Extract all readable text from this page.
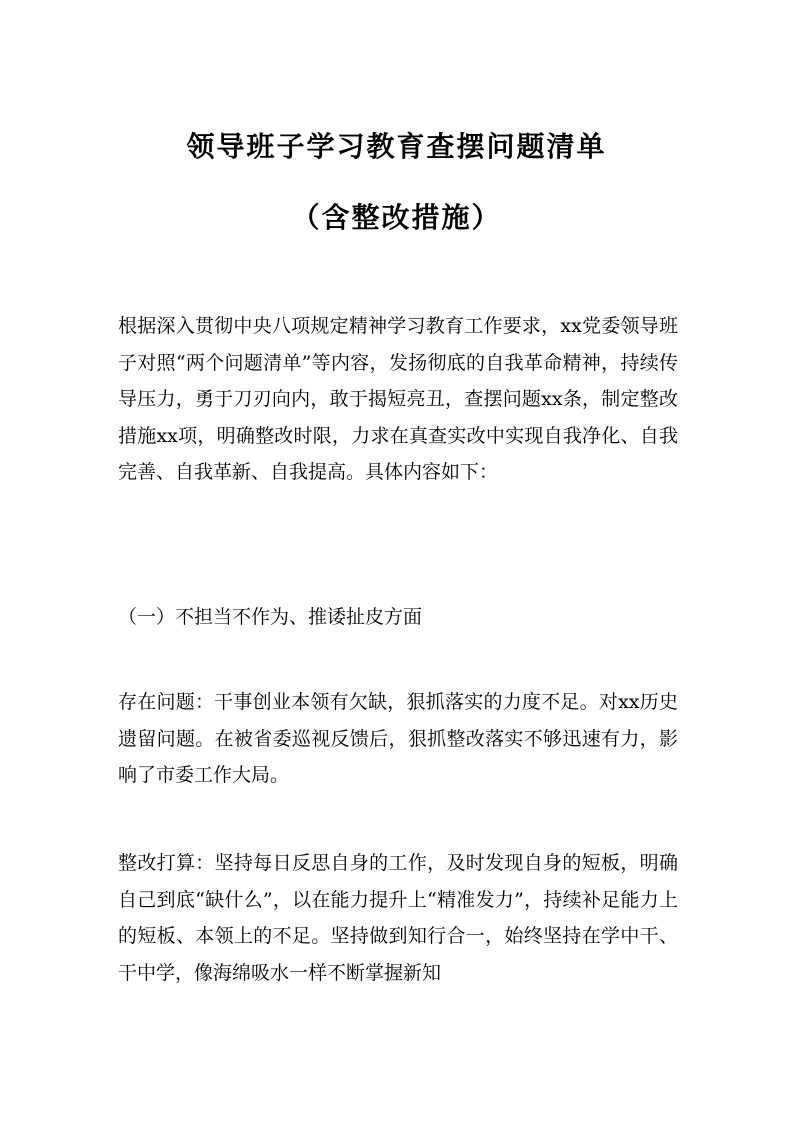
领导班子学习教育查摆问题清单
（含整改措施）
根据深入贯彻中央八项规定精神学习教育工作要求，xx党委领导班子对照“两个问题清单”等内容，发扬彻底的自我革命精神，持续传导压力，勇于刀刃向内，敢于揭短亮丑，查摆问题xx条，制定整改措施xx项，明确整改时限，力求在真查实改中实现自我净化、自我完善、自我革新、自我提高。具体内容如下：
（一）不担当不作为、推诿扯皮方面
存在问题：干事创业本领有欠缺，狠抓落实的力度不足。对xx历史遗留问题。在被省委巡视反馈后，狠抓整改落实不够迅速有力，影响了市委工作大局。
整改打算：坚持每日反思自身的工作，及时发现自身的短板，明确自己到底“缺什么”，以在能力提升上“精准发力”，持续补足能力上的短板、本领上的不足。坚持做到知行合一，始终坚持在学中干、干中学，像海绵吸水一样不断掌握新知
